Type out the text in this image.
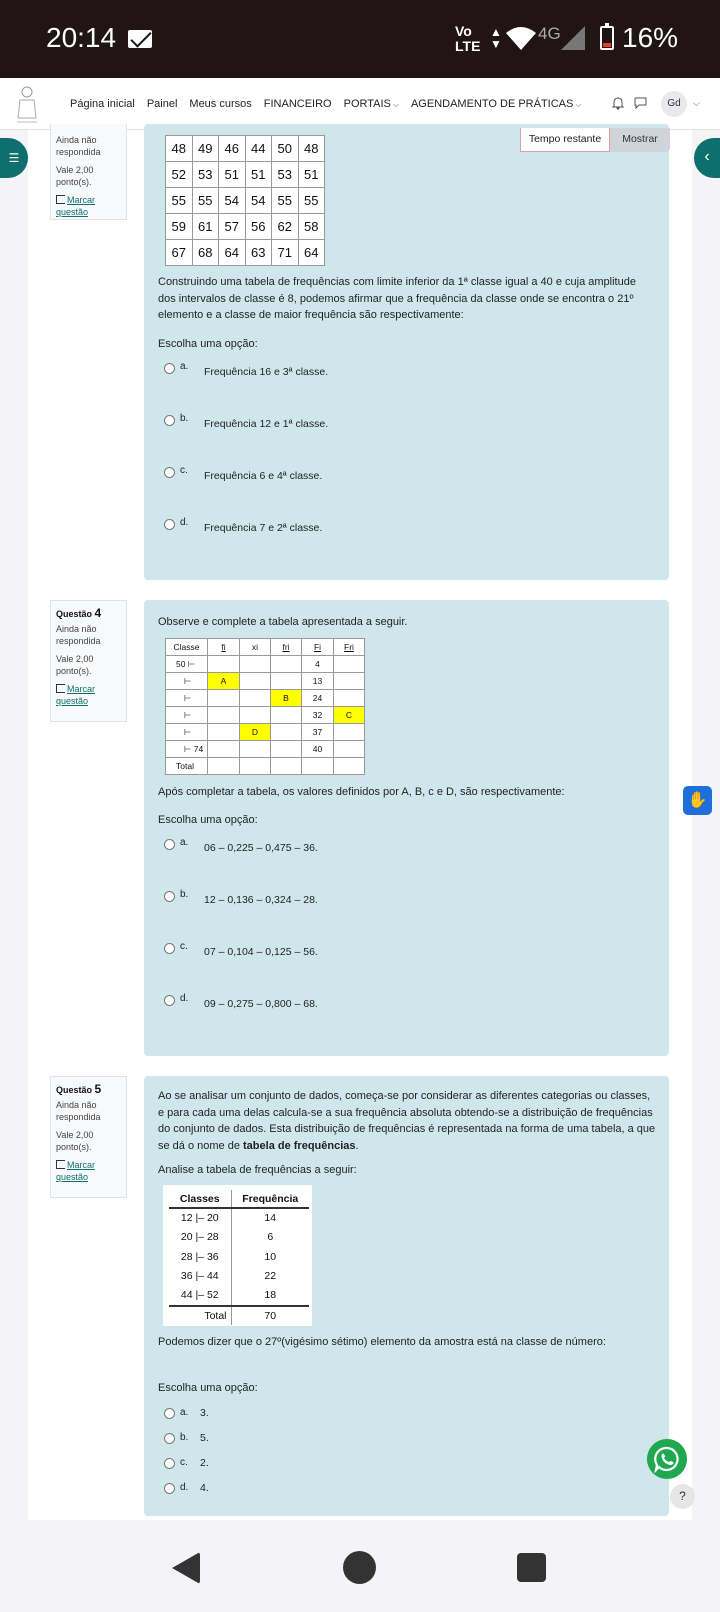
20:14	Vo
LTE
▲
▼
4G 16%
Página inicial Painel Meus cursos FINANCEIRO PORTAIS ⌵ AGENDAMENTO DE PRÁTICAS ⌵	Gd	⌵
☰	‹
Ainda não respondida
Vale 2,00 ponto(s).
Marcar questão
Construindo uma tabela de frequências com limite inferior da 1ª classe igual a 40 e cuja amplitude dos intervalos de classe é 8, podemos afirmar que a frequência da classe onde se encontra o 21º elemento e a classe de maior frequência são respectivamente:
Escolha uma opção:
a. Frequência 16 e 3ª classe.
b. Frequência 12 e 1ª classe.
c. Frequência 6 e 4ª classe.
d. Frequência 7 e 2ª classe.
48	49	46	44	50	48
52	53	51	51	53	51
55	55	54	54	55	55
59	61	57	56	62	58
67	68	64	63	71	64
Tempo restante	Mostrar
Questão 4
Ainda não respondida
Vale 2,00 ponto(s).
Marcar questão
Observe e complete a tabela apresentada a seguir.
Após completar a tabela, os valores definidos por A, B, c e D, são respectivamente:
Escolha uma opção:
a. 06 – 0,225 – 0,475 – 36.
b. 12 – 0,136 – 0,324 – 28.
c. 07 – 0,104 – 0,125 – 56.
d. 09 – 0,275 – 0,800 – 68.
Classe	fi	xi	fri	Fi	Fri
50 ⊢				4	
⊢	A			13	
⊢			B	24	
⊢				32	C
⊢		D		37	
⊢ 74				40	
Total					
✋
Questão 5
Ainda não respondida
Vale 2,00 ponto(s).
Marcar questão
Ao se analisar um conjunto de dados, começa-se por considerar as diferentes categorias ou classes, e para cada uma delas calcula-se a sua frequência absoluta obtendo-se a distribuição de frequências do conjunto de dados. Esta distribuição de frequências é representada na forma de uma tabela, a que se dá o nome de tabela de frequências.
Analise a tabela de frequências a seguir:
Podemos dizer que o 27º(vigésimo sétimo) elemento da amostra está na classe de número:
Escolha uma opção:
a. 3.
b. 5.
c. 2.
d. 4.
Classes	Frequência
12 |– 20	14
20 |– 28	6
28 |– 36	10
36 |– 44	22
44 |– 52	18
Total	70
?
